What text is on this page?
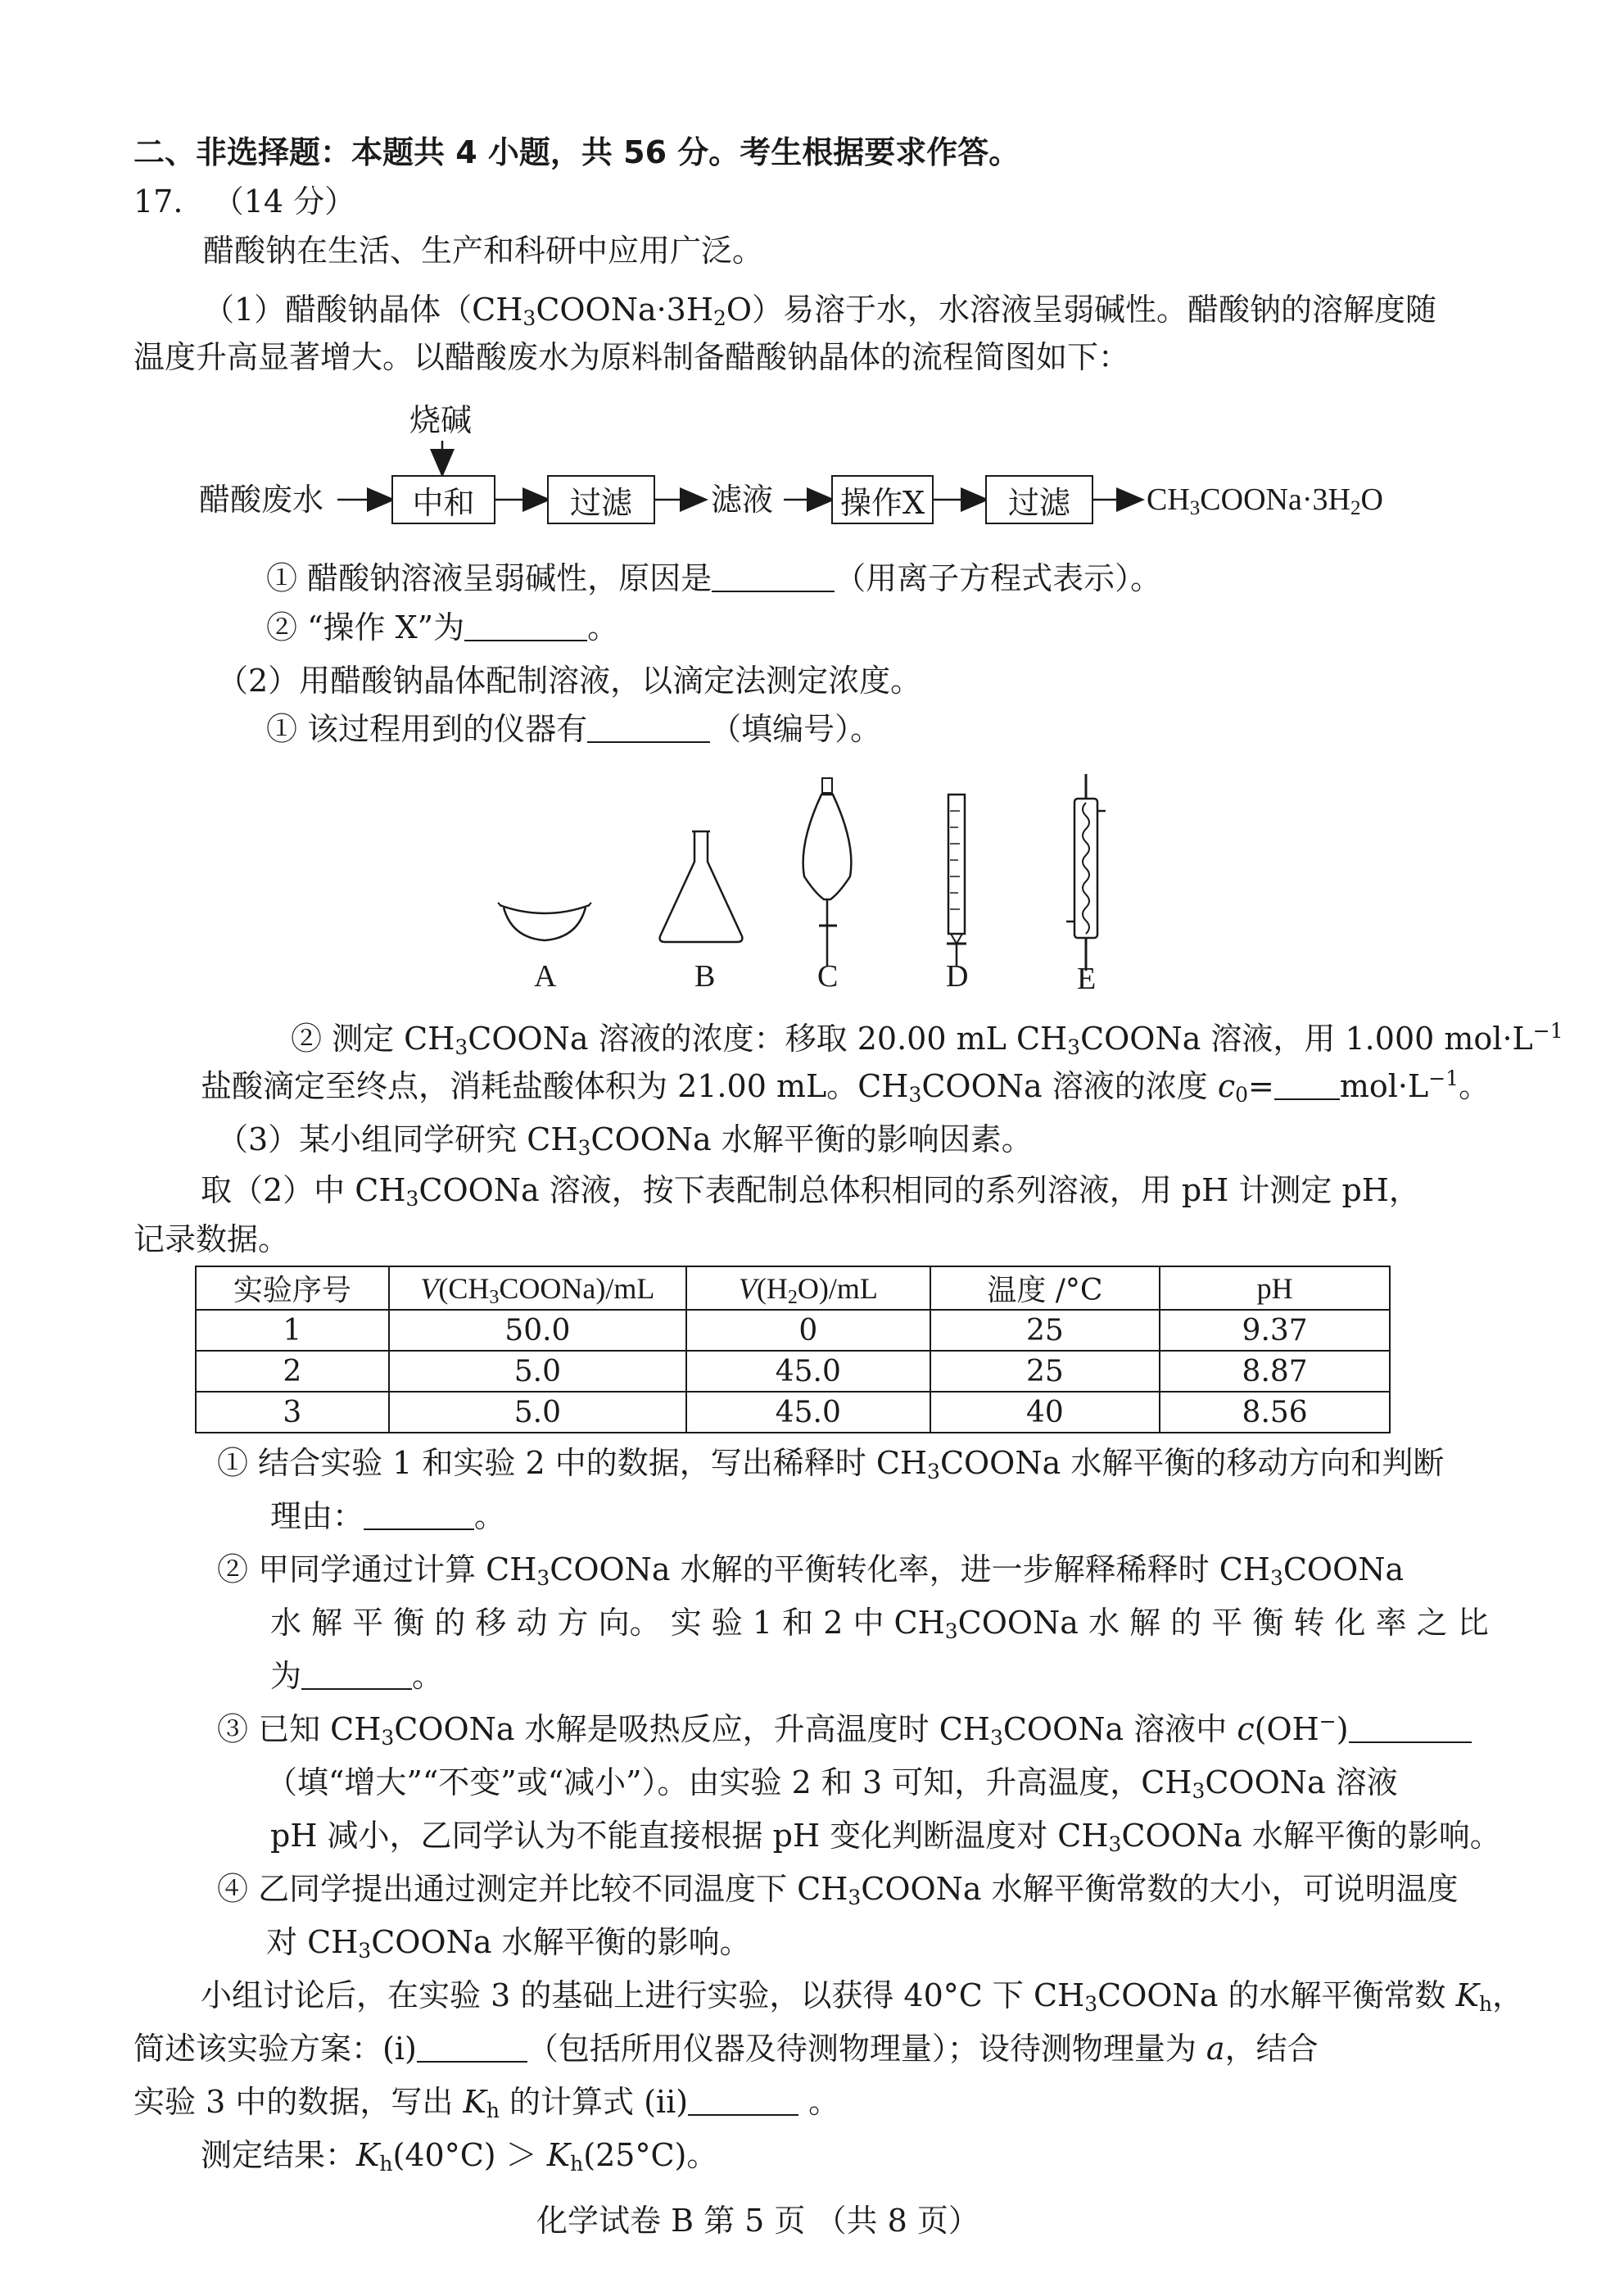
二、非选择题：本题共 4 小题，共 56 分。考生根据要求作答。
17. （14 分）
醋酸钠在生活、生产和科研中应用广泛。
（1）醋酸钠晶体$(CH_3COONa\cdot 3H_2O)$易溶于水，水溶液呈弱碱性。醋酸钠的溶解度随
温度升高显著增大。以醋酸废水为原料制备醋酸钠晶体的流程简图如下：
烧碱
醋酸废水	中和	过滤	滤液 操作X	过滤	$CH_3COONa\cdot 3H_2O$
① 醋酸钠溶液呈弱碱性，原因是	（用离子方程式表示）。
② “操作 X”为	。
（2）用醋酸钠晶体配制溶液，以滴定法测定浓度。
① 该过程用到的仪器有	（填编号）。
A	B	C	D	E
② 测定 $CH_3COONa$ 溶液的浓度：移取 20.00 mL $CH_3COONa$ 溶液，用 1.000 $mol\cdot L^{-1}$
盐酸滴定至终点，消耗盐酸体积为 21.00 mL。$CH_3COONa$ 溶液的浓度 $c_0= mol\cdot L^{-1}$。
（3）某小组同学研究 $CH_3COONa$ 水解平衡的影响因素。
取（2）中 $CH_3COONa$ 溶液，按下表配制总体积相同的系列溶液，用 pH 计测定 pH，
记录数据。
实验序号	$V(CH_3COONa)/mL$	$V(H_2O)/mL$	温度 /°C	pH
1	50.0	0	25	9.37
2	5.0	45.0	25	8.87
3	5.0	45.0	40	8.56
① 结合实验 1 和实验 2 中的数据，写出稀释时 $CH_3COONa$ 水解平衡的移动方向和判断
理由：	。
② 甲同学通过计算 $CH_3COONa$ 水解的平衡转化率，进一步解释稀释时 $CH_3COONa$
水 解 平 衡 的 移 动 方 向。 实 验 1 和 2 中 $CH_3COONa$ 水 解 的 平 衡 转 化 率 之 比
为	。
③ 已知 $CH_3COONa$ 水解是吸热反应，升高温度时 $CH_3COONa$ 溶液中 c(OH−)
（填“增大”“不变”或“减小”）。由实验 2 和 3 可知，升高温度，$CH_3COONa$ 溶液
pH 减小，乙同学认为不能直接根据 pH 变化判断温度对 $CH_3COONa$ 水解平衡的影响。
④ 乙同学提出通过测定并比较不同温度下 $CH_3COONa$ 水解平衡常数的大小，可说明温度
对 $CH_3COONa$ 水解平衡的影响。
小组讨论后，在实验 3 的基础上进行实验，以获得 40°C 下 $CH_3COONa$ 的水解平衡常数 $K_h$，
简述该实验方案：(i)	（包括所用仪器及待测物理量）；设待测物理量为 a，结合
实验 3 中的数据，写出 $K_h$ 的计算式 (ii)	。
测定结果：$K_h(40^\circ C) > K_h(25^\circ C)$。
化学试卷 B 第 5 页 （共 8 页）
